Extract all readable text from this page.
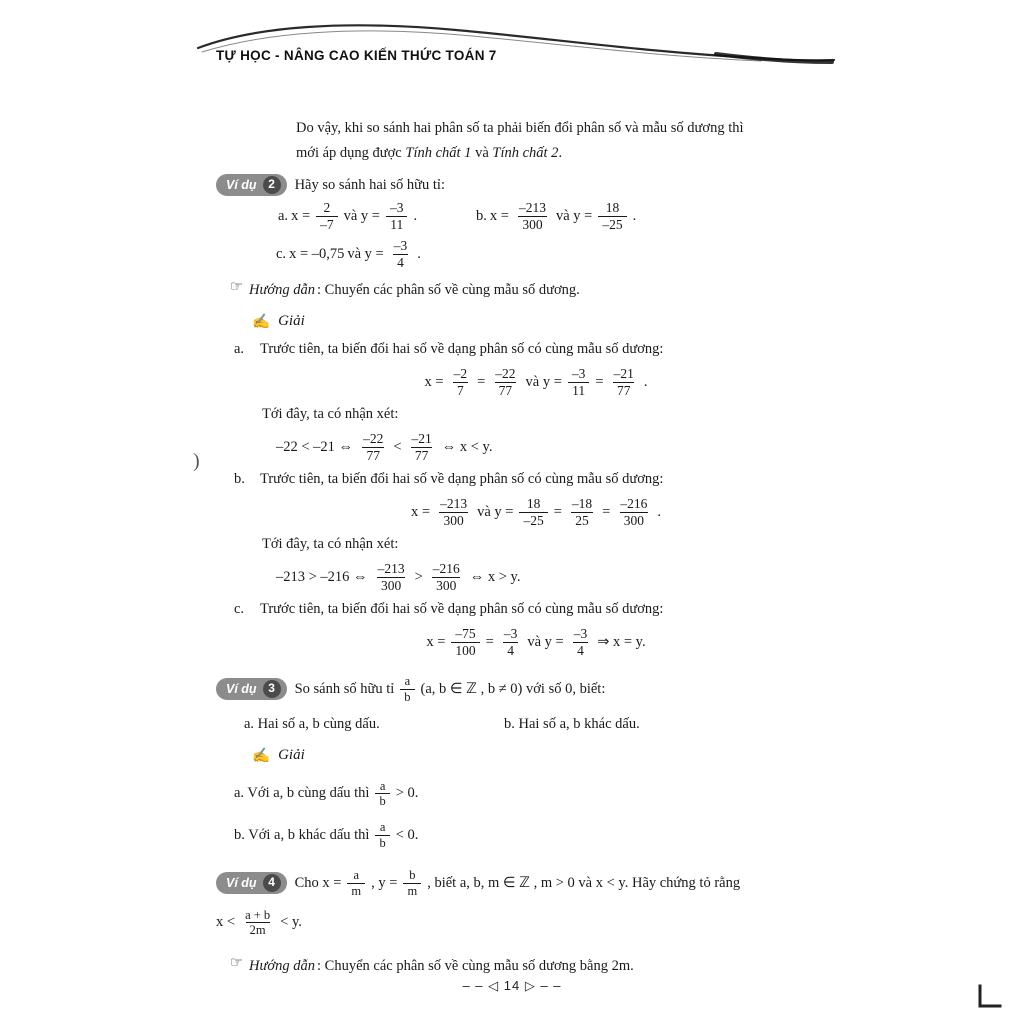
TỰ HỌC - NÂNG CAO KIẾN THỨC TOÁN 7
)
Do vậy, khi so sánh hai phân số ta phải biến đổi phân số và mẫu số dương thì
mới áp dụng được Tính chất 1 và Tính chất 2.
Ví dụ 2	Hãy so sánh hai số hữu tỉ:
a. $x = \frac{2}{-7}$ và $y = \frac{-3}{11}$ .	b. $x = \frac{-213}{300}$ và $y = \frac{18}{-25}$ .
c. x = –0,75 và $y = \frac{-3}{4}$ .
☞ Hướng dẫn : Chuyển các phân số về cùng mẫu số dương.
✍ Giải
a.	Trước tiên, ta biến đổi hai số về dạng phân số có cùng mẫu số dương:
$x = \frac{-2}{7} = \frac{-22}{77}$ và $y = \frac{-3}{11} = \frac{-21}{77}$ .
Tới đây, ta có nhận xét:
–22 < –21 ⇔ $\frac{-22}{77} < \frac{-21}{77}$ ⇔ x < y.
b.	Trước tiên, ta biến đổi hai số về dạng phân số có cùng mẫu số dương:
$x = \frac{-213}{300}$ và $y = \frac{18}{-25} = \frac{-18}{25} = \frac{-216}{300}$ .
Tới đây, ta có nhận xét:
–213 > –216 ⇔ $\frac{-213}{300} > \frac{-216}{300}$ ⇔ x > y.
c.	Trước tiên, ta biến đổi hai số về dạng phân số có cùng mẫu số dương:
$x = \frac{-75}{100} = \frac{-3}{4}$ và $y = \frac{-3}{4}$ ⇒ x = y.
Ví dụ 3	So sánh số hữu tỉ $\frac{a}{b} (a$, b ∈ ℤ , b ≠ 0) với số 0, biết:
a. Hai số a, b cùng dấu.	b. Hai số a, b khác dấu.
✍ Giải
a. Với a, b cùng dấu thì $\frac{a}{b} > 0$.
b. Với a, b khác dấu thì $\frac{a}{b} < 0$.
Ví dụ 4	Cho $x = \frac{a}{m}$ , $y = \frac{b}{m}$ , biết a, b, m ∈ ℤ , m > 0 và x < y. Hãy chứng tỏ rằng
$x < \frac{a + b}{2m} < y$.
☞ Hướng dẫn : Chuyển các phân số về cùng mẫu số dương bằng 2m.
– – ◁ 14 ▷ – –
